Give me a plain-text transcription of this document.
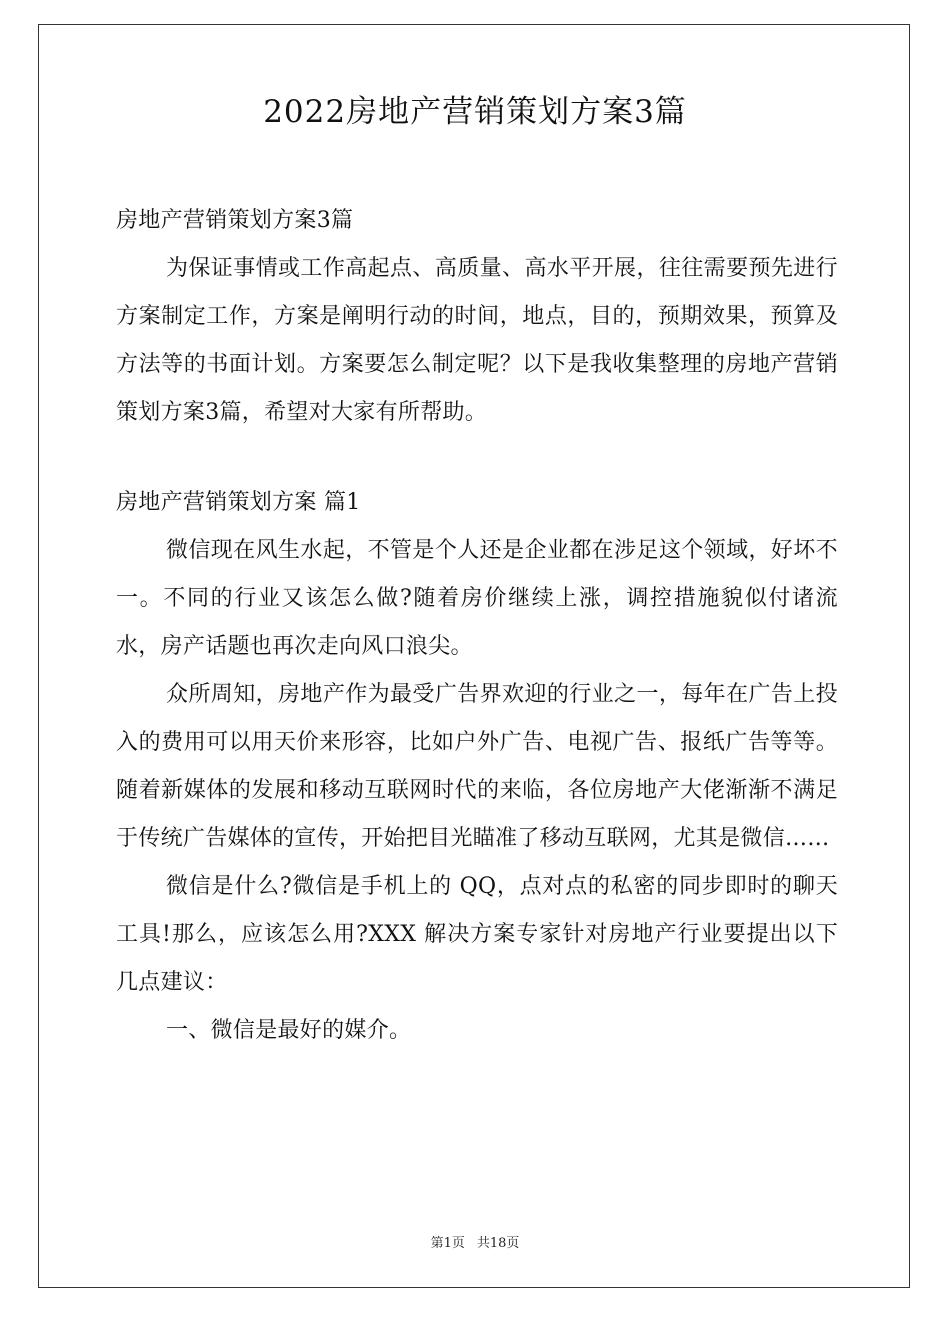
2022房地产营销策划方案3篇

房地产营销策划方案3篇

为保证事情或工作高起点、高质量、高水平开展，往往需要预先进行方案制定工作，方案是阐明行动的时间，地点，目的，预期效果，预算及方法等的书面计划。方案要怎么制定呢？以下是我收集整理的房地产营销策划方案3篇，希望对大家有所帮助。

房地产营销策划方案 篇1

微信现在风生水起，不管是个人还是企业都在涉足这个领域，好坏不一。不同的行业又该怎么做?随着房价继续上涨，调控措施貌似付诸流水，房产话题也再次走向风口浪尖。

众所周知，房地产作为最受广告界欢迎的行业之一，每年在广告上投入的费用可以用天价来形容，比如户外广告、电视广告、报纸广告等等。随着新媒体的发展和移动互联网时代的来临，各位房地产大佬渐渐不满足于传统广告媒体的宣传，开始把目光瞄准了移动互联网，尤其是微信……

微信是什么?微信是手机上的 QQ，点对点的私密的同步即时的聊天工具!那么，应该怎么用?XXX 解决方案专家针对房地产行业要提出以下几点建议：

一、微信是最好的媒介。

第1页 共18页
